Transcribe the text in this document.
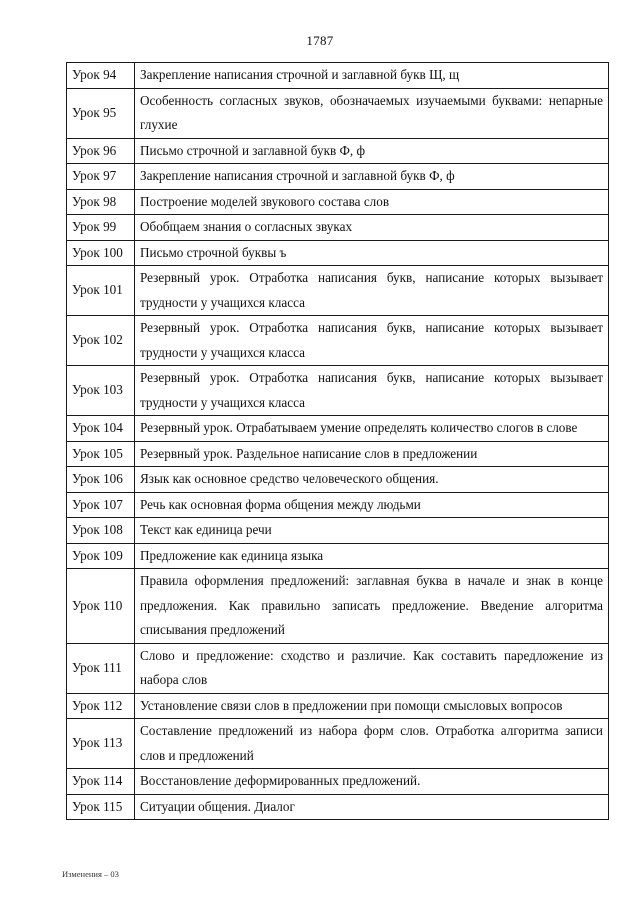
1787
Урок 94	Закрепление написания строчной и заглавной букв Щ, щ
Урок 95	Особенность согласных звуков, обозначаемых изучаемыми буквами: непарные глухие
Урок 96	Письмо строчной и заглавной букв Ф, ф
Урок 97	Закрепление написания строчной и заглавной букв Ф, ф
Урок 98	Построение моделей звукового состава слов
Урок 99	Обобщаем знания о согласных звуках
Урок 100	Письмо строчной буквы ъ
Урок 101	Резервный урок. Отработка написания букв, написание которых вызывает трудности у учащихся класса
Урок 102	Резервный урок. Отработка написания букв, написание которых вызывает трудности у учащихся класса
Урок 103	Резервный урок. Отработка написания букв, написание которых вызывает трудности у учащихся класса
Урок 104	Резервный урок. Отрабатываем умение определять количество слогов в слове
Урок 105	Резервный урок. Раздельное написание слов в предложении
Урок 106	Язык как основное средство человеческого общения.
Урок 107	Речь как основная форма общения между людьми
Урок 108	Текст как единица речи
Урок 109	Предложение как единица языка
Урок 110	Правила оформления предложений: заглавная буква в начале и знак в конце предложения. Как правильно записать предложение. Введение алгоритма списывания предложений
Урок 111	Слово и предложение: сходство и различие. Как составить паредложение из набора слов
Урок 112	Установление связи слов в предложении при помощи смысловых вопросов
Урок 113	Составление предложений из набора форм слов. Отработка алгоритма записи слов и предложений
Урок 114	Восстановление деформированных предложений.
Урок 115	Ситуации общения. Диалог
Изменения – 03
